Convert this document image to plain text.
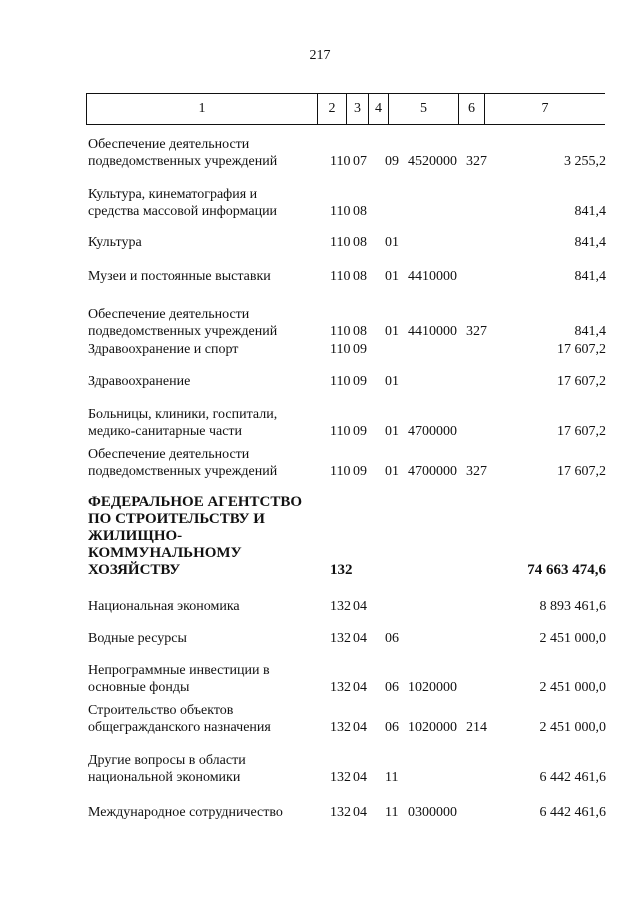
217
1	2	3	4	5	6	7
Обеспечение деятельности
подведомственных учреждений	110 07 09 4520000 327	3 255,2
Культура, кинематография и
средства массовой информации	110 08	841,4
Культура	110 08 01	841,4
Музеи и постоянные выставки	110 08 01 4410000	841,4
Обеспечение деятельности
подведомственных учреждений	110 08 01 4410000 327	841,4
Здравоохранение и спорт	110 09	17 607,2
Здравоохранение	110 09 01	17 607,2
Больницы, клиники, госпитали,
медико-санитарные части	110 09 01 4700000	17 607,2
Обеспечение деятельности
подведомственных учреждений	110 09 01 4700000 327	17 607,2
ФЕДЕРАЛЬНОЕ АГЕНТСТВО
ПО СТРОИТЕЛЬСТВУ И
ЖИЛИЩНО-
КОММУНАЛЬНОМУ
ХОЗЯЙСТВУ	132	74 663 474,6
Национальная экономика	132 04	8 893 461,6
Водные ресурсы	132 04 06	2 451 000,0
Непрограммные инвестиции в
основные фонды	132 04 06 1020000	2 451 000,0
Строительство объектов
общегражданского назначения	132 04 06 1020000 214	2 451 000,0
Другие вопросы в области
национальной экономики	132 04 11	6 442 461,6
Международное сотрудничество	132 04 11 0300000	6 442 461,6
